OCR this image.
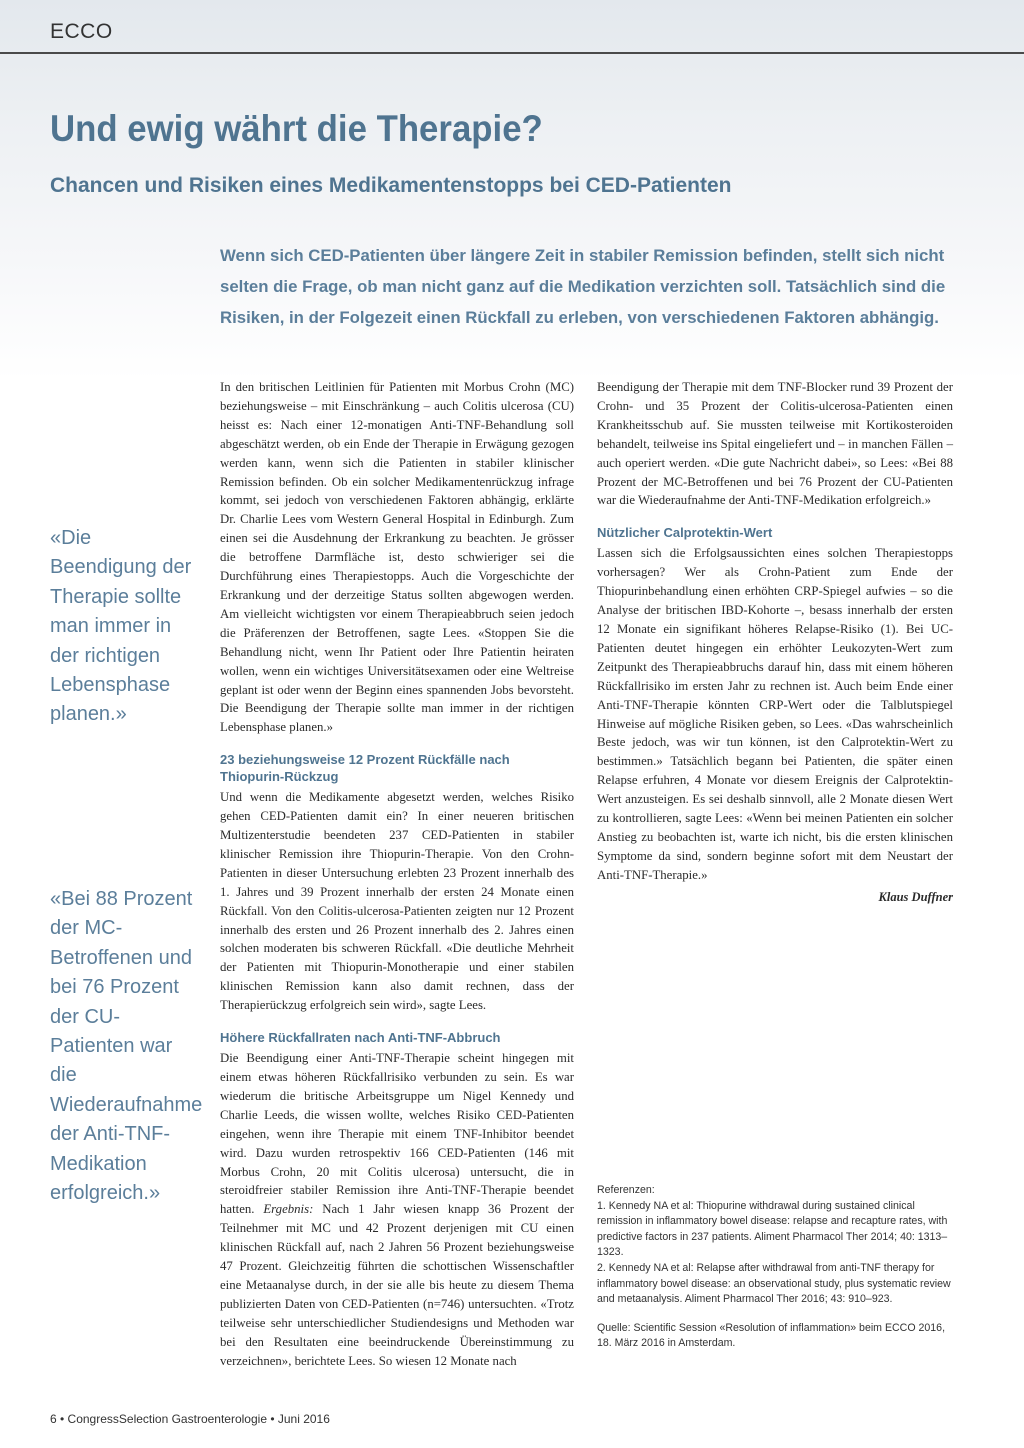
ECCO
Und ewig währt die Therapie?
Chancen und Risiken eines Medikamentenstopps bei CED-Patienten

Wenn sich CED-Patienten über längere Zeit in stabiler Remission befinden, stellt sich nicht selten die Frage, ob man nicht ganz auf die Medikation verzichten soll. Tatsächlich sind die Risiken, in der Folgezeit einen Rückfall zu erleben, von verschiedenen Faktoren abhängig.

«Die Beendigung der Therapie sollte man immer in der richtigen Lebensphase planen.»
«Bei 88 Prozent der MC-Betroffenen und bei 76 Prozent der CU-Patienten war die Wiederaufnahme der Anti-TNF-Medikation erfolgreich.»

In den britischen Leitlinien für Patienten mit Morbus Crohn (MC) beziehungsweise – mit Einschränkung – auch Colitis ulcerosa (CU) heisst es: Nach einer 12-monatigen Anti-TNF-Behandlung soll abgeschätzt werden, ob ein Ende der Therapie in Erwägung gezogen werden kann, wenn sich die Patienten in stabiler klinischer Remission befinden. Ob ein solcher Medikamentenrückzug infrage kommt, sei jedoch von verschiedenen Faktoren abhängig, erklärte Dr. Charlie Lees vom Western General Hospital in Edinburgh. Zum einen sei die Ausdehnung der Erkrankung zu beachten. Je grösser die betroffene Darmfläche ist, desto schwieriger sei die Durchführung eines Therapiestopps. Auch die Vorgeschichte der Erkrankung und der derzeitige Status sollten abgewogen werden. Am vielleicht wichtigsten vor einem Therapieabbruch seien jedoch die Präferenzen der Betroffenen, sagte Lees. «Stoppen Sie die Behandlung nicht, wenn Ihr Patient oder Ihre Patientin heiraten wollen, wenn ein wichtiges Universitätsexamen oder eine Weltreise geplant ist oder wenn der Beginn eines spannenden Jobs bevorsteht. Die Beendigung der Therapie sollte man immer in der richtigen Lebensphase planen.»

23 beziehungsweise 12 Prozent Rückfälle nach Thiopurin-Rückzug

Und wenn die Medikamente abgesetzt werden, welches Risiko gehen CED-Patienten damit ein? In einer neueren britischen Multizenterstudie beendeten 237 CED-Patienten in stabiler klinischer Remission ihre Thiopurin-Therapie. Von den Crohn-Patienten in dieser Untersuchung erlebten 23 Prozent innerhalb des 1. Jahres und 39 Prozent innerhalb der ersten 24 Monate einen Rückfall. Von den Colitis-ulcerosa-Patienten zeigten nur 12 Prozent innerhalb des ersten und 26 Prozent innerhalb des 2. Jahres einen solchen moderaten bis schweren Rückfall. «Die deutliche Mehrheit der Patienten mit Thiopurin-Monotherapie und einer stabilen klinischen Remission kann also damit rechnen, dass der Therapierückzug erfolgreich sein wird», sagte Lees.

Höhere Rückfallraten nach Anti-TNF-Abbruch

Die Beendigung einer Anti-TNF-Therapie scheint hingegen mit einem etwas höheren Rückfallrisiko verbunden zu sein. Es war wiederum die britische Arbeitsgruppe um Nigel Kennedy und Charlie Leeds, die wissen wollte, welches Risiko CED-Patienten eingehen, wenn ihre Therapie mit einem TNF-Inhibitor beendet wird. Dazu wurden retrospektiv 166 CED-Patienten (146 mit Morbus Crohn, 20 mit Colitis ulcerosa) untersucht, die in steroidfreier stabiler Remission ihre Anti-TNF-Therapie beendet hatten. Ergebnis: Nach 1 Jahr wiesen knapp 36 Prozent der Teilnehmer mit MC und 42 Prozent derjenigen mit CU einen klinischen Rückfall auf, nach 2 Jahren 56 Prozent beziehungsweise 47 Prozent. Gleichzeitig führten die schottischen Wissenschaftler eine Metaanalyse durch, in der sie alle bis heute zu diesem Thema publizierten Daten von CED-Patienten (n=746) untersuchten. «Trotz teilweise sehr unterschiedlicher Studiendesigns und Methoden war bei den Resultaten eine beeindruckende Übereinstimmung zu verzeichnen», berichtete Lees. So wiesen 12 Monate nach

Beendigung der Therapie mit dem TNF-Blocker rund 39 Prozent der Crohn- und 35 Prozent der Colitis-ulcerosa-Patienten einen Krankheitsschub auf. Sie mussten teilweise mit Kortikosteroiden behandelt, teilweise ins Spital eingeliefert und – in manchen Fällen – auch operiert werden. «Die gute Nachricht dabei», so Lees: «Bei 88 Prozent der MC-Betroffenen und bei 76 Prozent der CU-Patienten war die Wiederaufnahme der Anti-TNF-Medikation erfolgreich.»

Nützlicher Calprotektin-Wert

Lassen sich die Erfolgsaussichten eines solchen Therapiestopps vorhersagen? Wer als Crohn-Patient zum Ende der Thiopurinbehandlung einen erhöhten CRP-Spiegel aufwies – so die Analyse der britischen IBD-Kohorte –, besass innerhalb der ersten 12 Monate ein signifikant höheres Relapse-Risiko (1). Bei UC-Patienten deutet hingegen ein erhöhter Leukozyten-Wert zum Zeitpunkt des Therapieabbruchs darauf hin, dass mit einem höheren Rückfallrisiko im ersten Jahr zu rechnen ist. Auch beim Ende einer Anti-TNF-Therapie könnten CRP-Wert oder die Talblutspiegel Hinweise auf mögliche Risiken geben, so Lees. «Das wahrscheinlich Beste jedoch, was wir tun können, ist den Calprotektin-Wert zu bestimmen.» Tatsächlich begann bei Patienten, die später einen Relapse erfuhren, 4 Monate vor diesem Ereignis der Calprotektin-Wert anzusteigen. Es sei deshalb sinnvoll, alle 2 Monate diesen Wert zu kontrollieren, sagte Lees: «Wenn bei meinen Patienten ein solcher Anstieg zu beobachten ist, warte ich nicht, bis die ersten klinischen Symptome da sind, sondern beginne sofort mit dem Neustart der Anti-TNF-Therapie.»

Klaus Duffner

Referenzen:

1. Kennedy NA et al: Thiopurine withdrawal during sustained clinical remission in inflammatory bowel disease: relapse and recapture rates, with predictive factors in 237 patients. Aliment Pharmacol Ther 2014; 40: 1313–1323.

2. Kennedy NA et al: Relapse after withdrawal from anti-TNF therapy for inflammatory bowel disease: an observational study, plus systematic review and metaanalysis. Aliment Pharmacol Ther 2016; 43: 910–923.

Quelle: Scientific Session «Resolution of inflammation» beim ECCO 2016, 18. März 2016 in Amsterdam.

6 • CongressSelection Gastroenterologie • Juni 2016
